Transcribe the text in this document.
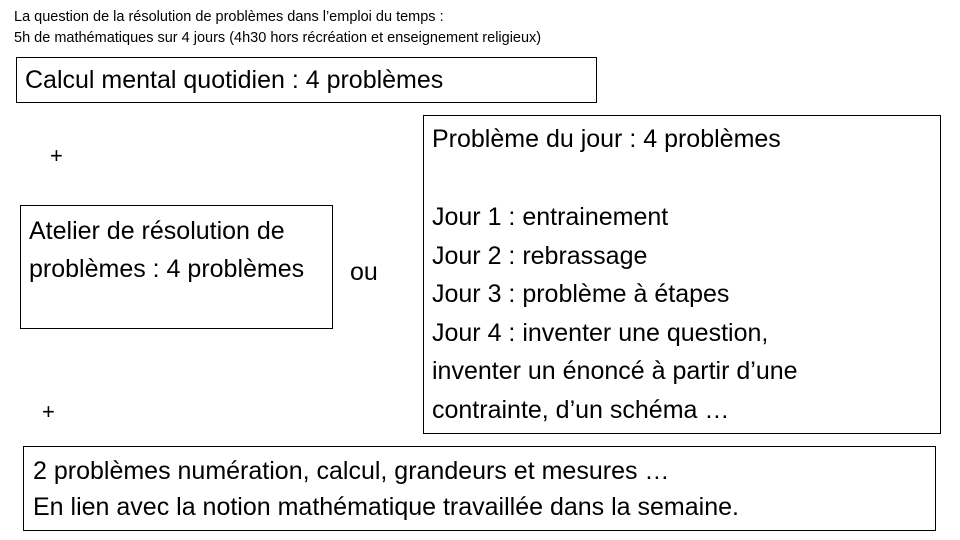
La question de la résolution de problèmes dans l’emploi du temps :
5h de mathématiques sur 4 jours (4h30 hors récréation et enseignement religieux)
Calcul mental quotidien : 4 problèmes
+
Atelier de résolution de problèmes : 4 problèmes	ou
Problème du jour : 4 problèmes
Jour 1 : entrainement
Jour 2 : rebrassage
Jour 3 : problème à étapes
Jour 4 : inventer une question,
inventer un énoncé à partir d’une
contrainte, d’un schéma …
+
2 problèmes numération, calcul, grandeurs et mesures …
En lien avec la notion mathématique travaillée dans la semaine.
